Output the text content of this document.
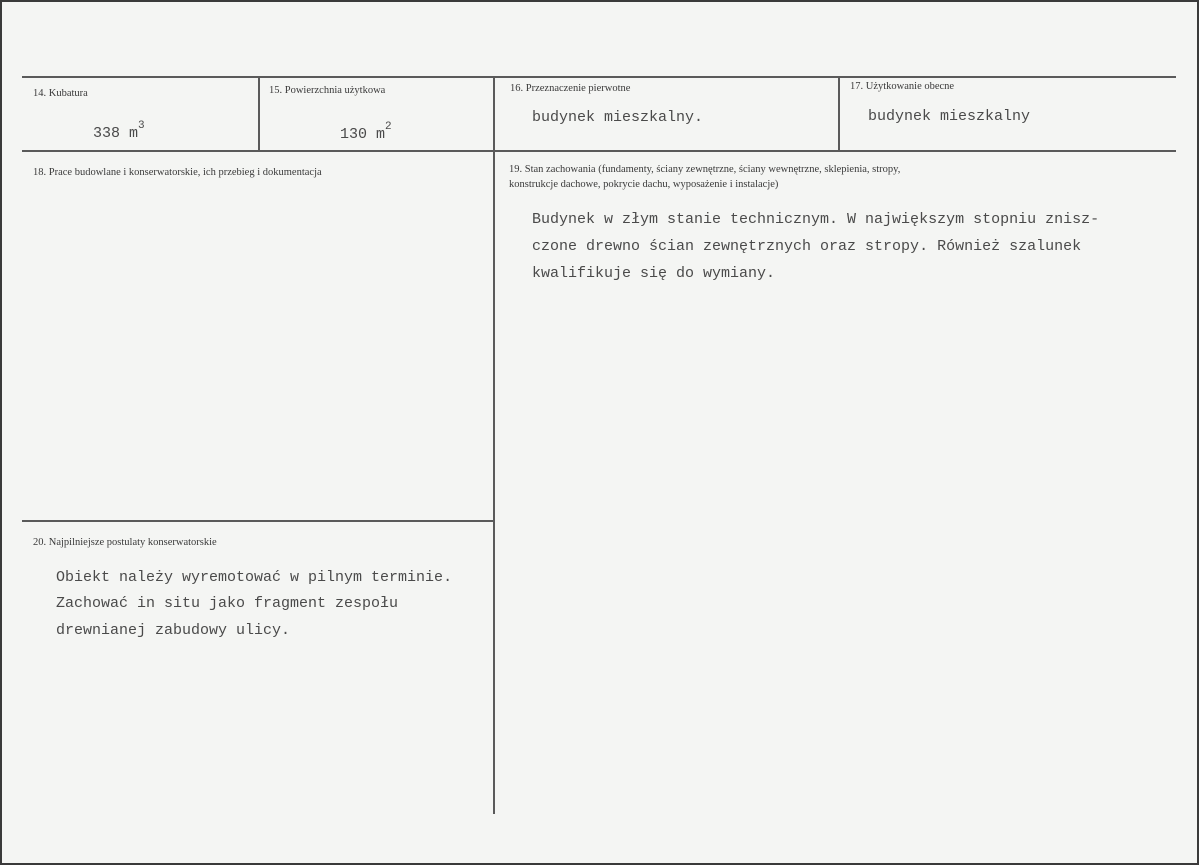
14. Kubatura
338 $m^3$
15. Powierzchnia użytkowa
130 $m^2$
16. Przeznaczenie pierwotne
budynek mieszkalny.
17. Użytkowanie obecne
budynek mieszkalny
18. Prace budowlane i konserwatorskie, ich przebieg i dokumentacja	19. Stan zachowania (fundamenty, ściany zewnętrzne, ściany wewnętrzne, sklepienia, stropy,
konstrukcje dachowe, pokrycie dachu, wyposażenie i instalacje)
Budynek w złym stanie technicznym. W największym stopniu znisz-
czone drewno ścian zewnętrznych oraz stropy. Również szalunek
kwalifikuje się do wymiany.
20. Najpilniejsze postulaty konserwatorskie
Obiekt należy wyremotować w pilnym terminie.
Zachować in situ jako fragment zespołu
drewnianej zabudowy ulicy.
